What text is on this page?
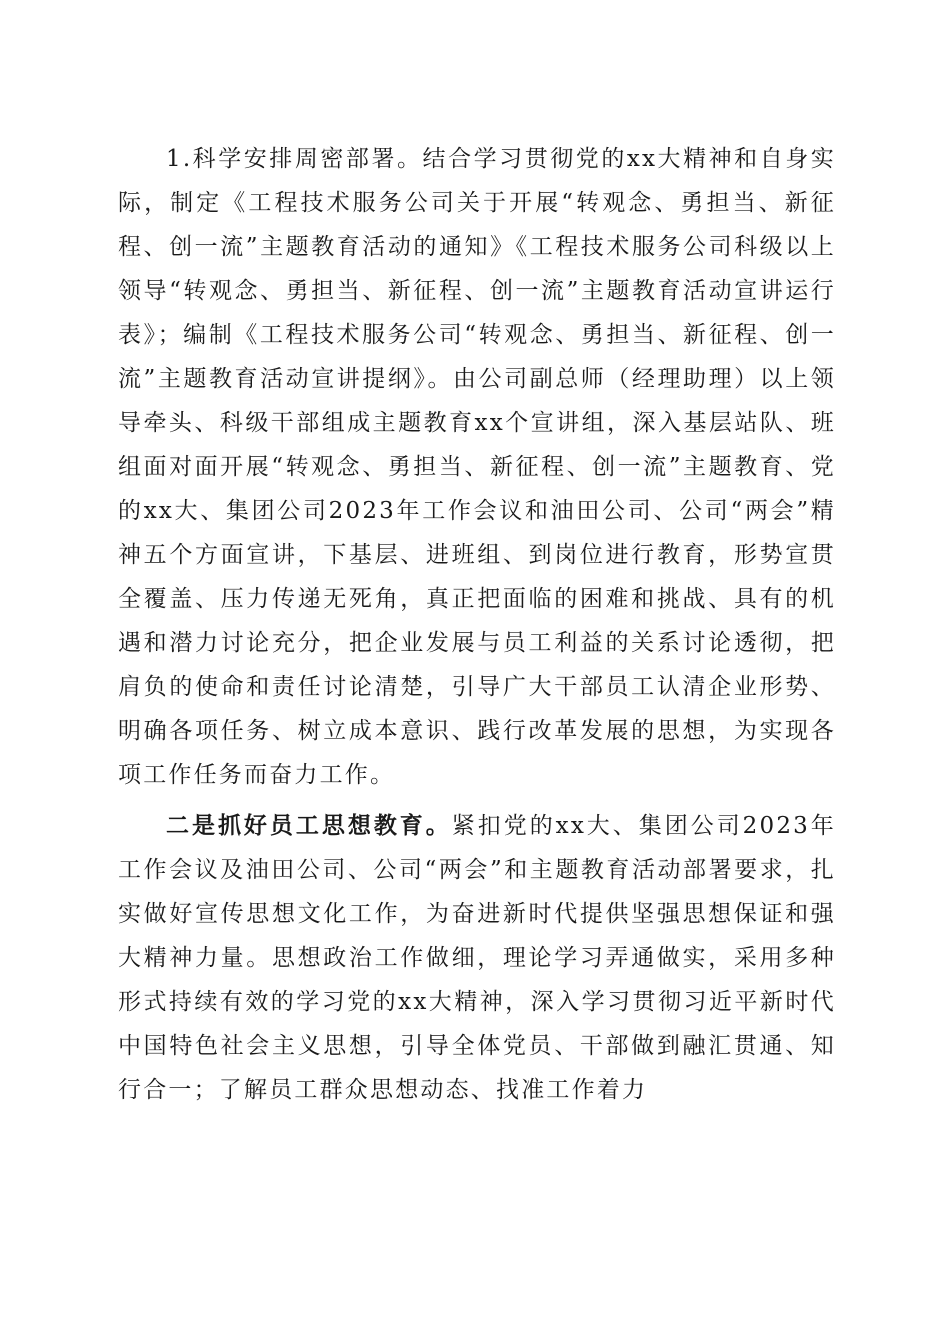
1.科学安排周密部署。结合学习贯彻党的xx大精神和自身实际，制定《工程技术服务公司关于开展“转观念、勇担当、新征程、创一流”主题教育活动的通知》《工程技术服务公司科级以上领导“转观念、勇担当、新征程、创一流”主题教育活动宣讲运行表》；编制《工程技术服务公司“转观念、勇担当、新征程、创一流”主题教育活动宣讲提纲》。由公司副总师（经理助理）以上领导牵头、科级干部组成主题教育xx个宣讲组，深入基层站队、班组面对面开展“转观念、勇担当、新征程、创一流”主题教育、党的xx大、集团公司2023年工作会议和油田公司、公司“两会”精神五个方面宣讲，下基层、进班组、到岗位进行教育，形势宣贯全覆盖、压力传递无死角，真正把面临的困难和挑战、具有的机遇和潜力讨论充分，把企业发展与员工利益的关系讨论透彻，把肩负的使命和责任讨论清楚，引导广大干部员工认清企业形势、明确各项任务、树立成本意识、践行改革发展的思想，为实现各项工作任务而奋力工作。

二是抓好员工思想教育。紧扣党的xx大、集团公司2023年工作会议及油田公司、公司“两会”和主题教育活动部署要求，扎实做好宣传思想文化工作，为奋进新时代提供坚强思想保证和强大精神力量。思想政治工作做细，理论学习弄通做实，采用多种形式持续有效的学习党的xx大精神，深入学习贯彻习近平新时代中国特色社会主义思想，引导全体党员、干部做到融汇贯通、知行合一；了解员工群众思想动态、找准工作着力
